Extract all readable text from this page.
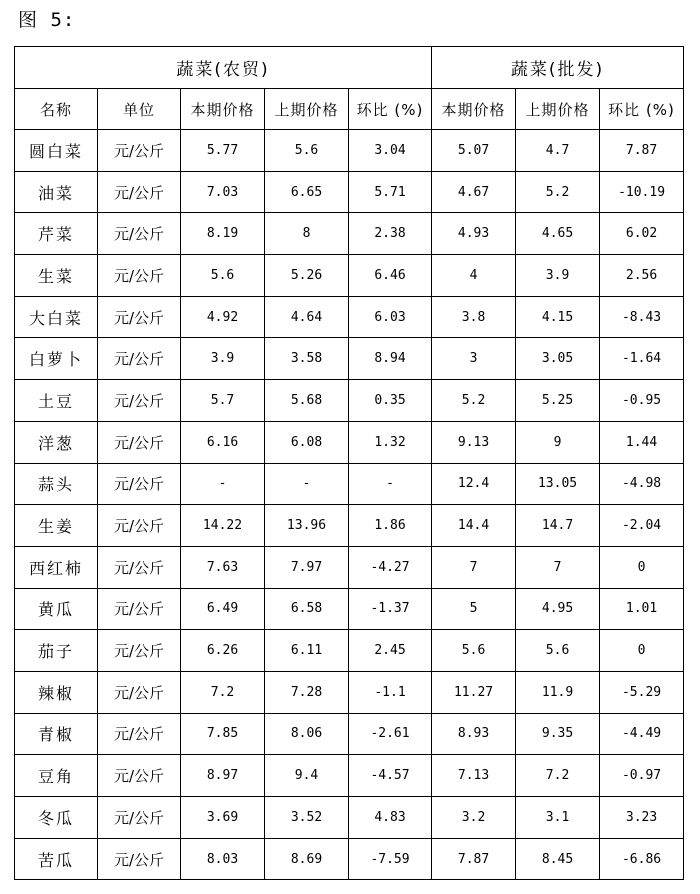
图 5:
蔬菜(农贸)					蔬菜(批发)		
名称	单位	本期价格	上期价格	环比 (%)	本期价格	上期价格	环比 (%)
圆白菜	元/公斤	5.77	5.6	3.04	5.07	4.7	7.87
油菜	元/公斤	7.03	6.65	5.71	4.67	5.2	-10.19
芹菜	元/公斤	8.19	8	2.38	4.93	4.65	6.02
生菜	元/公斤	5.6	5.26	6.46	4	3.9	2.56
大白菜	元/公斤	4.92	4.64	6.03	3.8	4.15	-8.43
白萝卜	元/公斤	3.9	3.58	8.94	3	3.05	-1.64
土豆	元/公斤	5.7	5.68	0.35	5.2	5.25	-0.95
洋葱	元/公斤	6.16	6.08	1.32	9.13	9	1.44
蒜头	元/公斤	-	-	-	12.4	13.05	-4.98
生姜	元/公斤	14.22	13.96	1.86	14.4	14.7	-2.04
西红柿	元/公斤	7.63	7.97	-4.27	7	7	0
黄瓜	元/公斤	6.49	6.58	-1.37	5	4.95	1.01
茄子	元/公斤	6.26	6.11	2.45	5.6	5.6	0
辣椒	元/公斤	7.2	7.28	-1.1	11.27	11.9	-5.29
青椒	元/公斤	7.85	8.06	-2.61	8.93	9.35	-4.49
豆角	元/公斤	8.97	9.4	-4.57	7.13	7.2	-0.97
冬瓜	元/公斤	3.69	3.52	4.83	3.2	3.1	3.23
苦瓜	元/公斤	8.03	8.69	-7.59	7.87	8.45	-6.86
